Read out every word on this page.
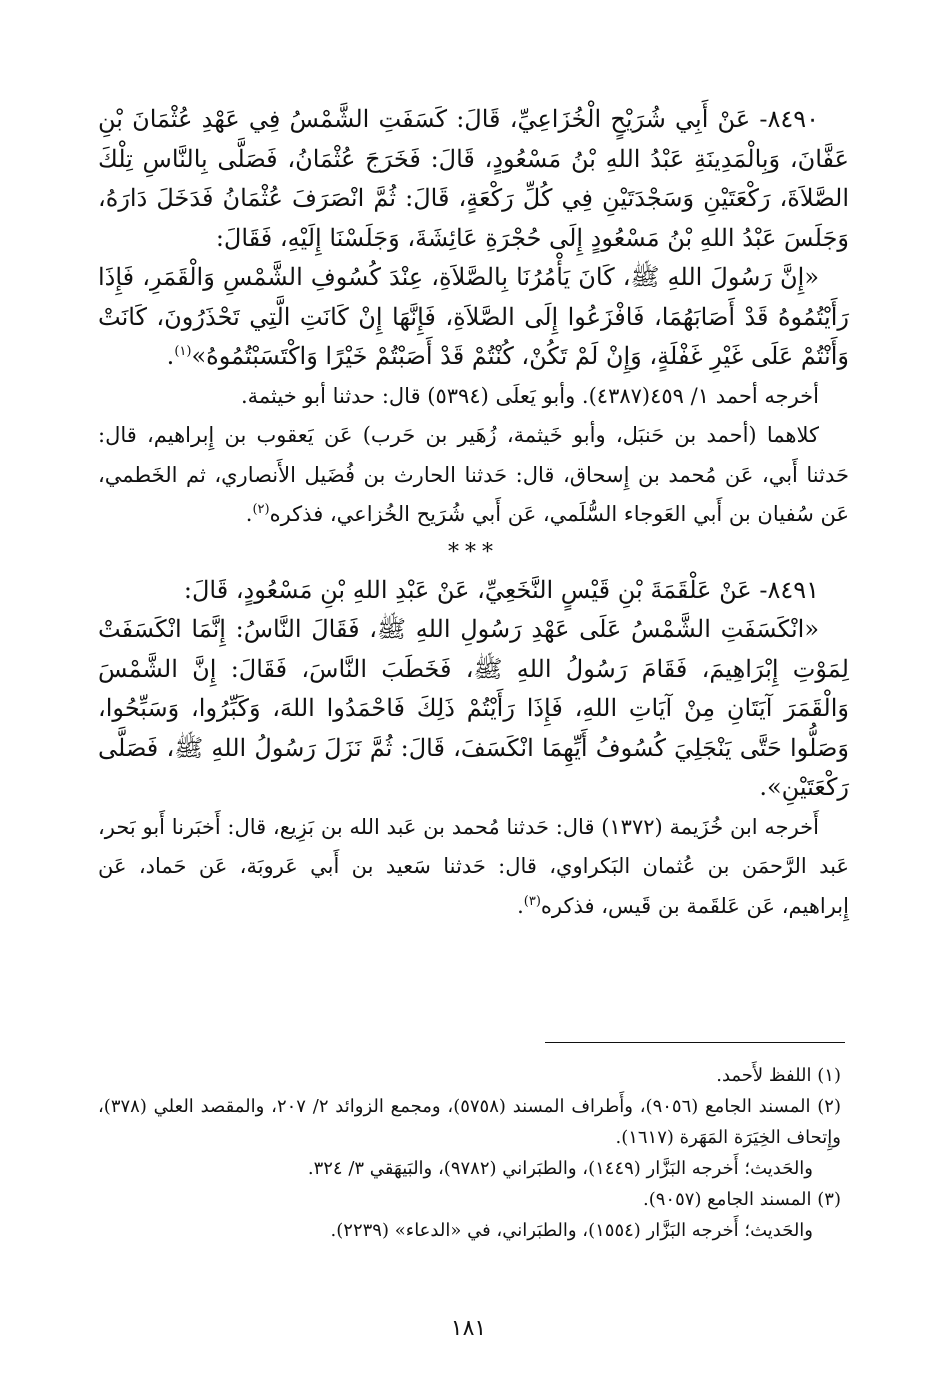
٨٤٩٠- عَنْ أَبِي شُرَيْحٍ الْخُزَاعِيِّ، قَالَ: كَسَفَتِ الشَّمْسُ فِي عَهْدِ عُثْمَانَ بْنِ عَفَّانَ، وَبِالْمَدِينَةِ عَبْدُ اللهِ بْنُ مَسْعُودٍ، قَالَ: فَخَرَجَ عُثْمَانُ، فَصَلَّى بِالنَّاسِ تِلْكَ الصَّلاَةَ، رَكْعَتَيْنِ وَسَجْدَتَيْنِ فِي كُلِّ رَكْعَةٍ، قَالَ: ثُمَّ انْصَرَفَ عُثْمَانُ فَدَخَلَ دَارَهُ، وَجَلَسَ عَبْدُ اللهِ بْنُ مَسْعُودٍ إِلَى حُجْرَةِ عَائِشَةَ، وَجَلَسْنَا إِلَيْهِ، فَقَالَ:

«إِنَّ رَسُولَ اللهِ ﷺ، كَانَ يَأْمُرُنَا بِالصَّلاَةِ، عِنْدَ كُسُوفِ الشَّمْسِ وَالْقَمَرِ، فَإِذَا رَأَيْتُمُوهُ قَدْ أَصَابَهُمَا، فَافْزَعُوا إِلَى الصَّلاَةِ، فَإِنَّهَا إِنْ كَانَتِ الَّتِي تَحْذَرُونَ، كَانَتْ وَأَنْتُمْ عَلَى غَيْرِ غَفْلَةٍ، وَإِنْ لَمْ تَكُنْ، كُنْتُمْ قَدْ أَصَبْتُمْ خَيْرًا وَاكْتَسَبْتُمُوهُ»$^{(١)}$.

أخرجه أحمد ١/ ٤٥٩(٤٣٨٧). وأبو يَعلَى (٥٣٩٤) قال: حدثنا أبو خيثمة.

كلاهما (أحمد بن حَنبَل، وأبو خَيثمة، زُهَير بن حَرب) عَن يَعقوب بن إِبراهيم، قال: حَدثنا أَبي، عَن مُحمد بن إِسحاق، قال: حَدثنا الحارث بن فُضَيل الأَنصاري، ثم الخَطمي، عَن سُفيان بن أَبي العَوجاء السُّلَمي، عَن أَبي شُرَيح الخُزاعي، فذكره$^{(٢)}$.

***

٨٤٩١- عَنْ عَلْقَمَةَ بْنِ قَيْسٍ النَّخَعِيِّ، عَنْ عَبْدِ اللهِ بْنِ مَسْعُودٍ، قَالَ:

«انْكَسَفَتِ الشَّمْسُ عَلَى عَهْدِ رَسُولِ اللهِ ﷺ، فَقَالَ النَّاسُ: إِنَّمَا انْكَسَفَتْ لِمَوْتِ إِبْرَاهِيمَ، فَقَامَ رَسُولُ اللهِ ﷺ، فَخَطَبَ النَّاسَ، فَقَالَ: إِنَّ الشَّمْسَ وَالْقَمَرَ آيَتَانِ مِنْ آيَاتِ اللهِ، فَإِذَا رَأَيْتُمْ ذَلِكَ فَاحْمَدُوا اللهَ، وَكَبِّرُوا، وَسَبِّحُوا، وَصَلُّوا حَتَّى يَنْجَلِيَ كُسُوفُ أَيِّهِمَا انْكَسَفَ، قَالَ: ثُمَّ نَزَلَ رَسُولُ اللهِ ﷺ، فَصَلَّى رَكْعَتَيْنِ».

أَخرجه ابن خُزَيمة (١٣٧٢) قال: حَدثنا مُحمد بن عَبد الله بن بَزِيع، قال: أَخبَرنا أَبو بَحر، عَبد الرَّحمَن بن عُثمان البَكراوي، قال: حَدثنا سَعيد بن أَبي عَروبَة، عَن حَماد، عَن إِبراهيم، عَن عَلقَمة بن قَيس، فذكره$^{(٣)}$.

(١) اللفظ لأَحمد.

(٢) المسند الجامع (٩٠٥٦)، وأَطراف المسند (٥٧٥٨)، ومجمع الزوائد ٢/ ٢٠٧، والمقصد العلي (٣٧٨)، وإِتحاف الخِيَرَة المَهَرة (١٦١٧).

والحَديث؛ أَخرجه البَزَّار (١٤٤٩)، والطبَراني (٩٧٨٢)، والبَيهَقي ٣/ ٣٢٤.

(٣) المسند الجامع (٩٠٥٧).

والحَديث؛ أَخرجه البَزَّار (١٥٥٤)، والطبَراني، في «الدعاء» (٢٢٣٩).

١٨١
